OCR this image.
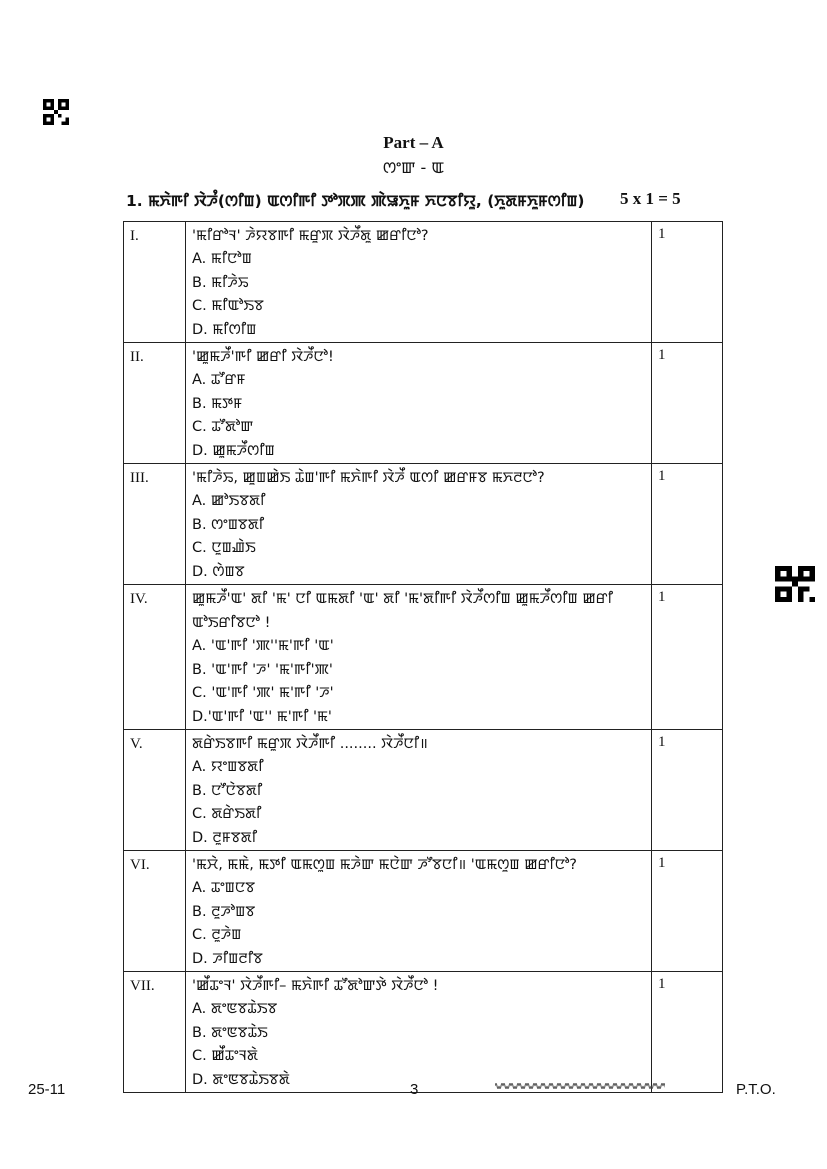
Part – A
ꯁꯦꯛ - ꯑ
1. ꯃꯈꯥꯒꯤ ꯋꯥꯍꯪ(ꯁꯤꯡ) ꯑꯁꯤꯒꯤ ꯇꯣꯞꯄ ꯄꯥꯎꯈꯨꯝ ꯈꯅꯕꯤꯌꯨ, (ꯈꯨꯗꯝꯈꯨꯝꯁꯤꯡ) 5 x 1 = 5
I.	'ꯃꯤꯔꯣꯜ' ꯍꯥꯌꯕꯒꯤ ꯃꯔꯨꯞ ꯋꯥꯍꯩꯗꯨ ꯀꯔꯤꯅꯣ?
A. ꯃꯤꯅꯣꯡ
B. ꯃꯤꯍꯥꯢ
C. ꯃꯤꯑꯣꯏꯕ
D. ꯃꯤꯁꯤꯡ	1
II.	'ꯀꯨꯃꯍꯩ'ꯒꯤ ꯀꯔꯤ ꯋꯥꯍꯩꯅꯣ!
A. ꯊꯧꯔꯝ
B. ꯃꯇꯝ
C. ꯊꯧꯗꯣꯛ
D. ꯀꯨꯃꯍꯩꯁꯤꯡ	1
III.	'ꯃꯤꯍꯥꯢ, ꯀꯨꯡꯀꯥꯏ ꯊꯥꯡ'ꯒꯤ ꯃꯈꯥꯒꯤ ꯋꯥꯍꯩ ꯑꯁꯤ ꯀꯔꯝꯕ ꯃꯈꯂꯅꯣ?
A. ꯀꯣꯏꯕꯗꯤ
B. ꯁꯦꯡꯕꯗꯤ
C. ꯅꯨꯡꯉꯥꯏ
D. ꯁꯥꯡꯕ	1
IV.	ꯀꯨꯃꯍꯩ'ꯑ' ꯗꯤ 'ꯃ' ꯅꯤ ꯑꯃꯗꯤ 'ꯑ' ꯗꯤ 'ꯃ'ꯗꯤꯒꯤ ꯋꯥꯍꯩꯁꯤꯡ ꯀꯨꯃꯍꯩꯁꯤꯡ ꯀꯔꯤ ꯑꯣꯏꯔꯤꯕꯅꯣ !
A. 'ꯑ'ꯒꯤ 'ꯄ''ꯃ'ꯒꯤ 'ꯑ'
B. 'ꯑ'ꯒꯤ 'ꯍ' 'ꯃ'ꯒꯤ'ꯄ'
C. 'ꯑ'ꯒꯤ 'ꯄ' ꯃ'ꯒꯤ 'ꯍ'
D.'ꯑ'ꯒꯤ 'ꯑ'' ꯃ'ꯒꯤ 'ꯃ'	1
V.	ꯗꯔꯥꯏꯕꯒꯤ ꯃꯔꯨꯞ ꯋꯥꯍꯩꯒꯤ ........ ꯋꯥꯍꯩꯅꯤ॥
A. ꯌꯦꯡꯕꯗꯤ
B. ꯅꯧꯅꯥꯕꯗꯤ
C. ꯗꯔꯥꯏꯗꯤ
D. ꯂꯨꯝꯕꯗꯤ	1
VI.	'ꯃꯆꯥ, ꯃꯃꯥ, ꯃꯇꯤ ꯑꯃꯁꯨꯡ ꯃꯍꯥꯛ ꯃꯅꯥꯛ ꯍꯧꯕꯅꯤ॥ 'ꯑꯃꯁꯨꯡ ꯀꯔꯤꯅꯣ?
A. ꯊꯦꯡꯅꯕ
B. ꯂꯨꯍꯣꯡꯕ
C. ꯂꯨꯍꯥꯡ
D. ꯍꯤꯡꯂꯤꯕ	1
VII.	'ꯀꯩꯊꯦꯜ' ꯋꯥꯍꯩꯒꯤ– ꯃꯈꯥꯒꯤ ꯊꯧꯗꯣꯛꯇꯥ ꯋꯥꯍꯩꯅꯣ !
A. ꯗꯦꯟꯕꯊꯥꯏꯕ
B. ꯗꯦꯟꯕꯊꯥꯏ
C. ꯀꯩꯊꯦꯜꯗꯥ
D. ꯗꯦꯟꯕꯊꯥꯏꯕꯗꯥ	1
25-11	3	P.T.O.
